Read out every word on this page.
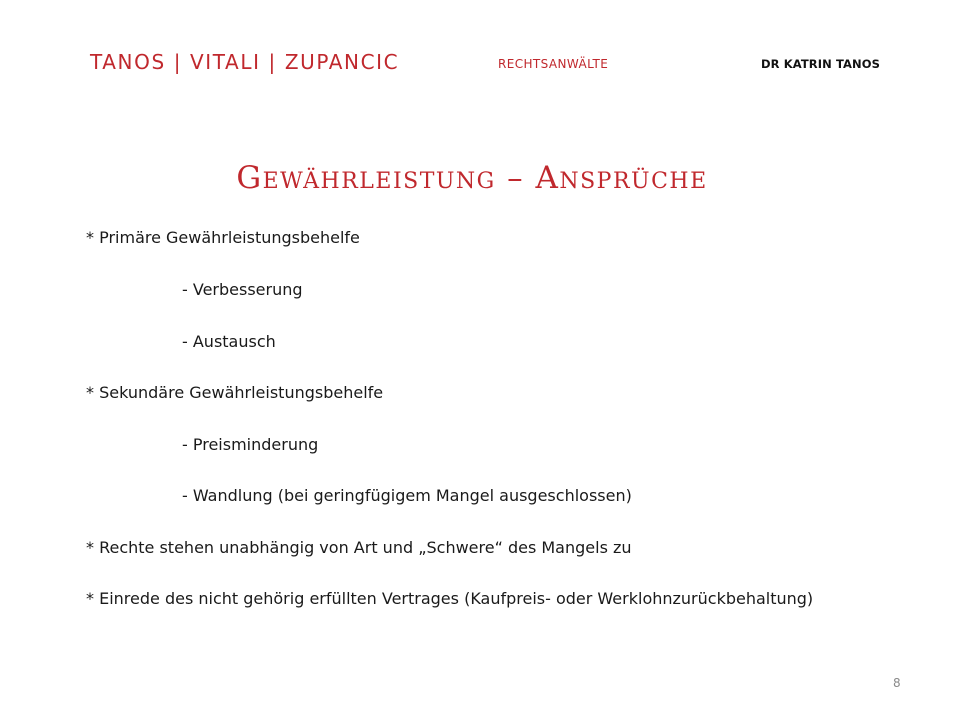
TANOS | VITALI | ZUPANCIC	RECHTSANWÄLTE	DR KATRIN TANOS
Gewährleistung – Ansprüche
* Primäre Gewährleistungsbehelfe
- Verbesserung
- Austausch
* Sekundäre Gewährleistungsbehelfe
- Preisminderung
- Wandlung (bei geringfügigem Mangel ausgeschlossen)
* Rechte stehen unabhängig von Art und „Schwere“ des Mangels zu
* Einrede des nicht gehörig erfüllten Vertrages (Kaufpreis- oder Werklohnzurückbehaltung)
8
